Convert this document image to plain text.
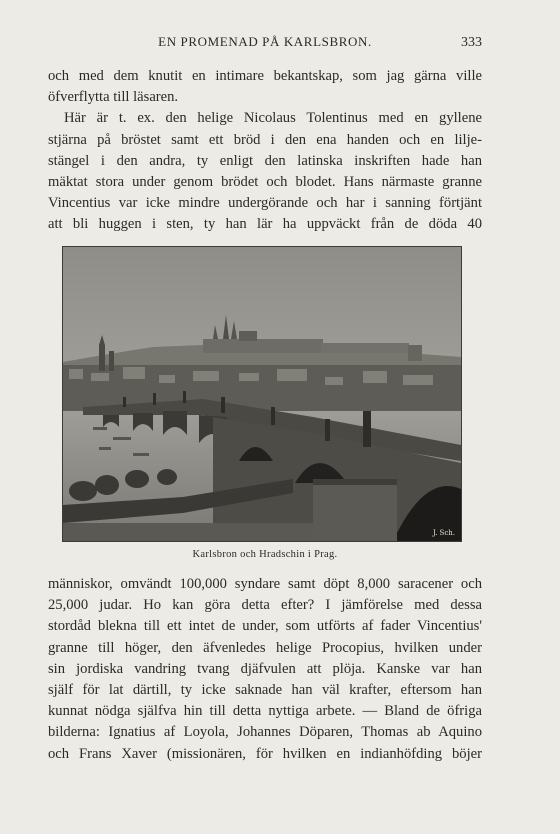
EN PROMENAD PÅ KARLSBRON.	333
och med dem knutit en intimare bekantskap, som jag gärna ville
öfverflytta till läsaren.
Här är t. ex. den helige Nicolaus Tolentinus med en gyllene
stjärna på bröstet samt ett bröd i den ena handen och en lilje-
stängel i den andra, ty enligt den latinska inskriften hade han
mäktat stora under genom brödet och blodet. Hans närmaste granne
Vincentius var icke mindre undergörande och har i sanning förtjänt
att bli huggen i sten, ty han lär ha uppväckt från de döda 40
J. Sch.
Karlsbron och Hradschin i Prag.
människor, omvändt 100,000 syndare samt döpt 8,000 saracener och
25,000 judar. Ho kan göra detta efter? I jämförelse med dessa
stordåd blekna till ett intet de under, som utförts af fader Vincentius'
granne till höger, den äfvenledes helige Procopius, hvilken under
sin jordiska vandring tvang djäfvulen att plöja. Kanske var han
själf för lat därtill, ty icke saknade han väl krafter, eftersom han
kunnat nödga själfva hin till detta nyttiga arbete. — Bland de öfriga
bilderna: Ignatius af Loyola, Johannes Döparen, Thomas ab Aquino
och Frans Xaver (missionären, för hvilken en indianhöfding böjer
